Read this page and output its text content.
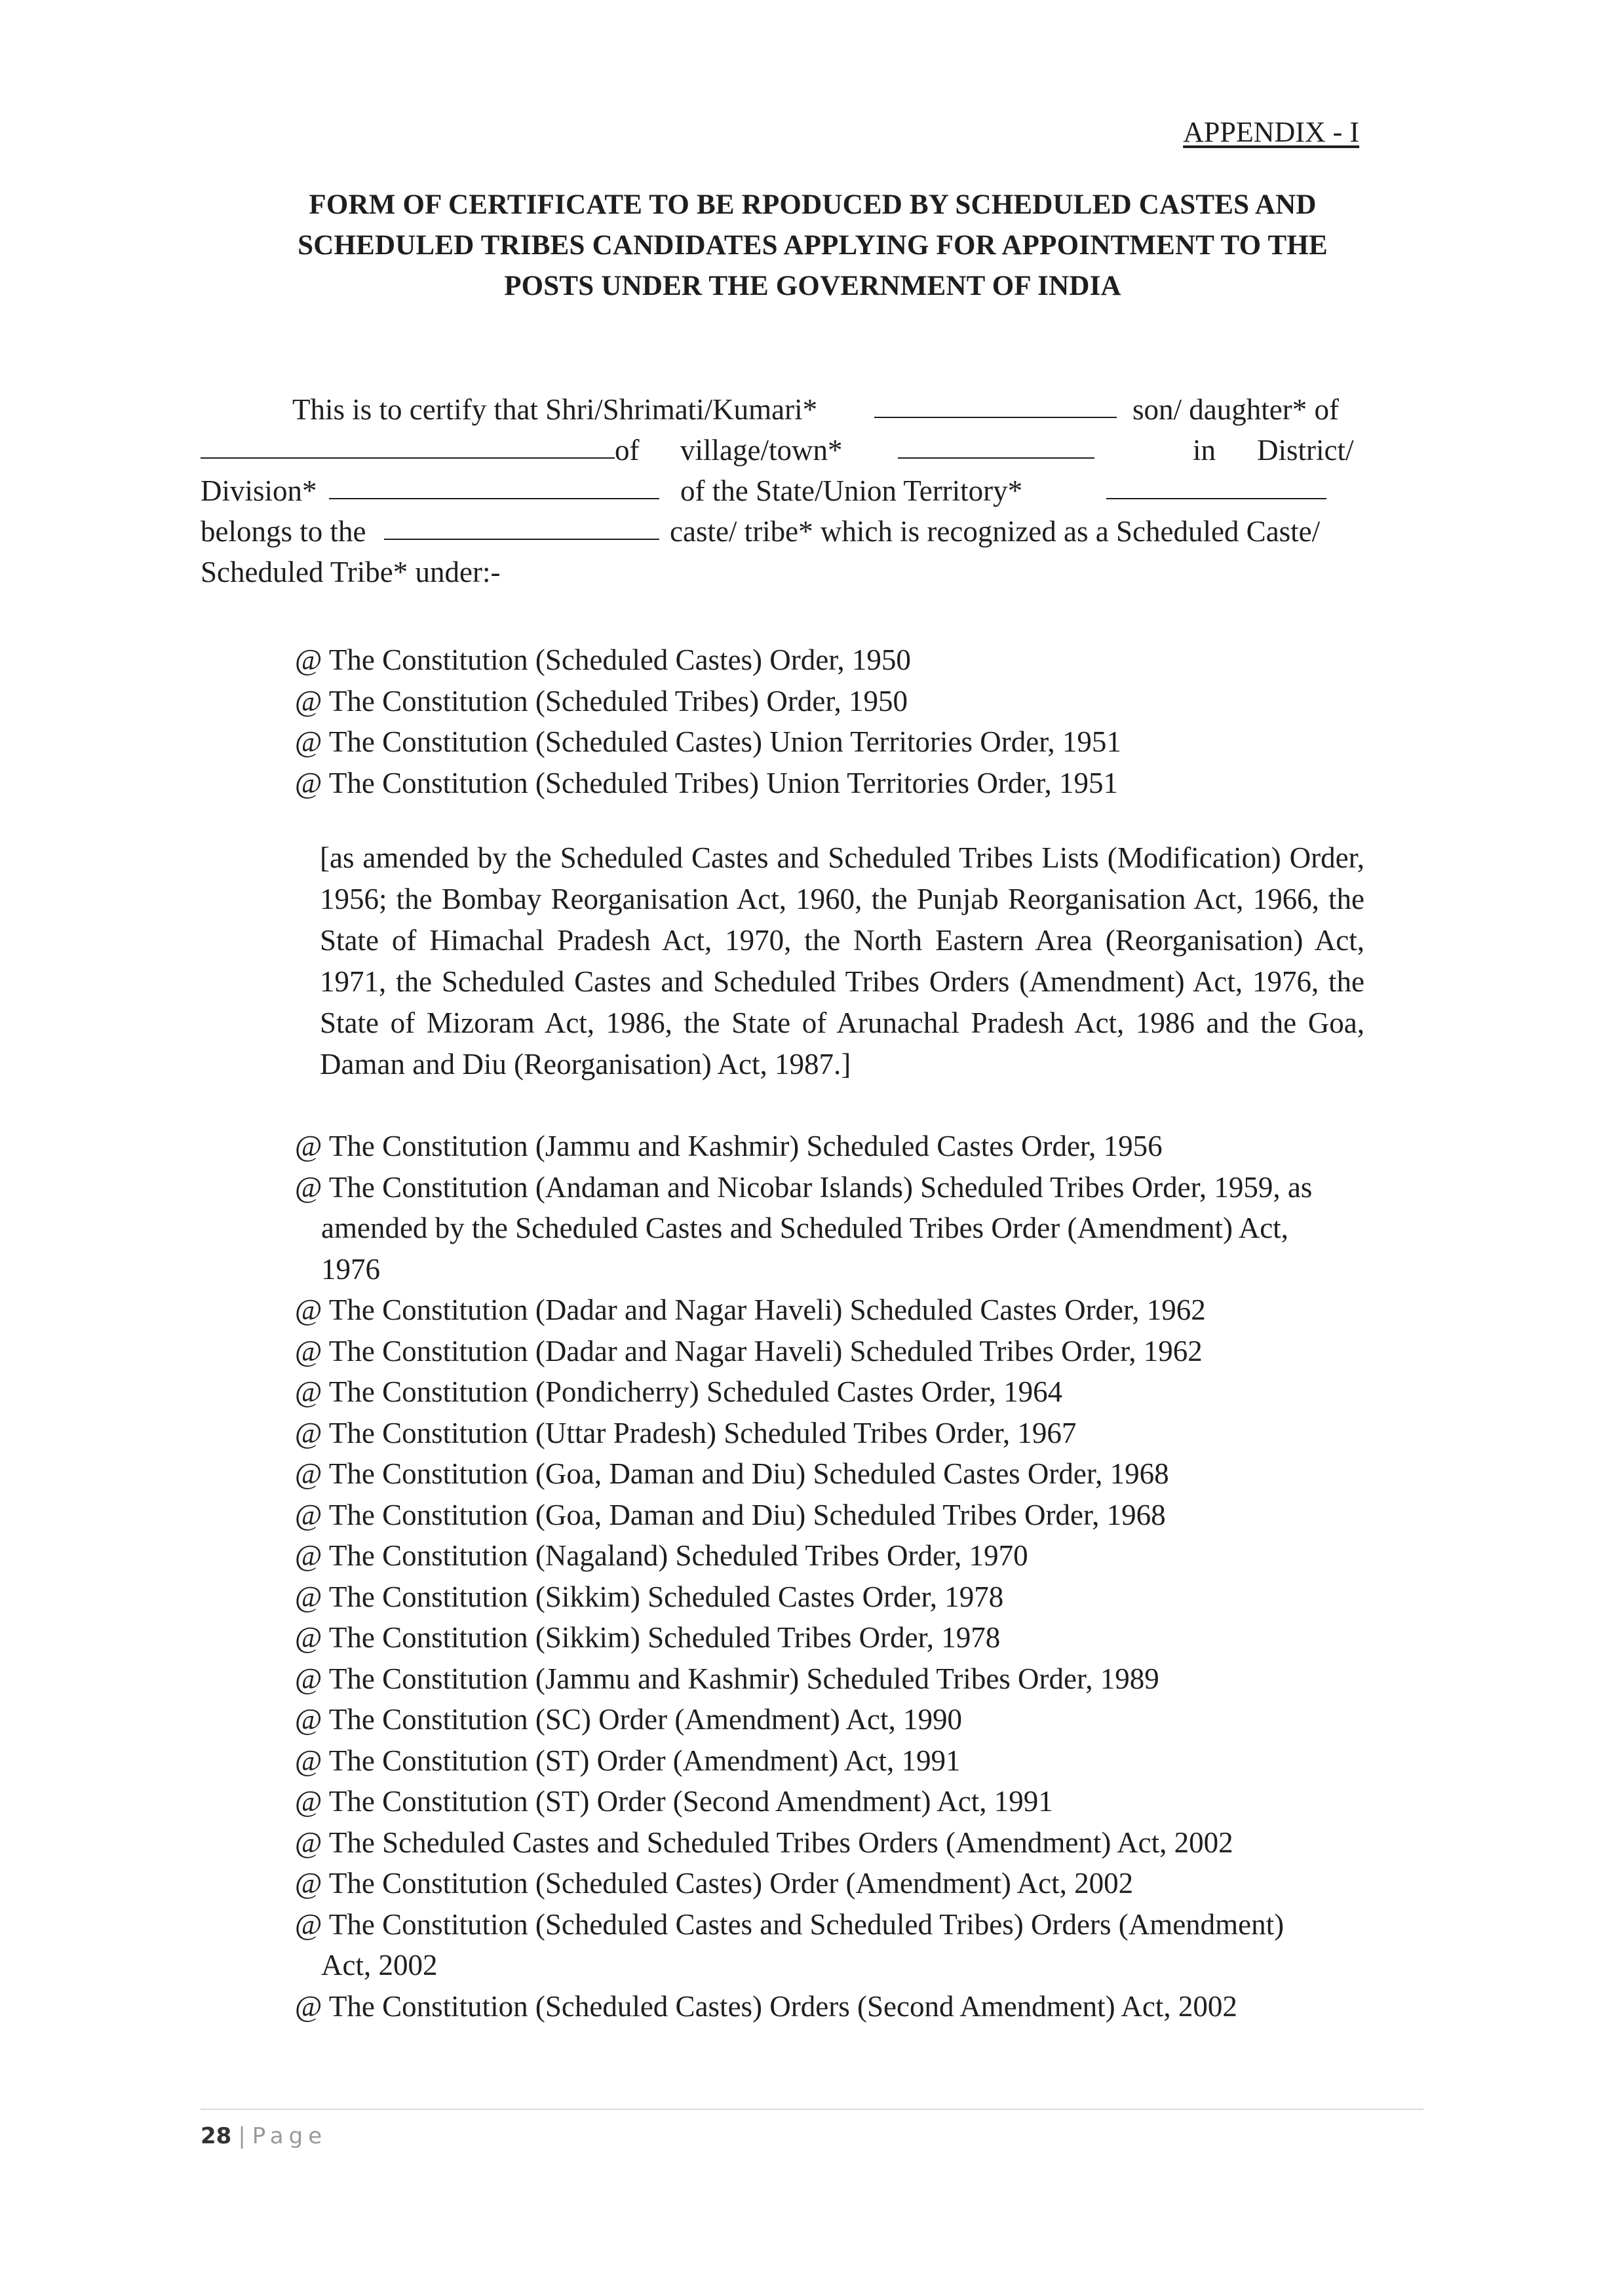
APPENDIX - I
FORM OF CERTIFICATE TO BE RPODUCED BY SCHEDULED CASTES AND
SCHEDULED TRIBES CANDIDATES APPLYING FOR APPOINTMENT TO THE
POSTS UNDER THE GOVERNMENT OF INDIA
This is to certify that Shri/Shrimati/Kumari*	son/ daughter* of
of village/town*	in District/
Division*	of the State/Union Territory*
belongs to the	caste/ tribe* which is recognized as a Scheduled Caste/
Scheduled Tribe* under:-
@ The Constitution (Scheduled Castes) Order, 1950
@ The Constitution (Scheduled Tribes) Order, 1950
@ The Constitution (Scheduled Castes) Union Territories Order, 1951
@ The Constitution (Scheduled Tribes) Union Territories Order, 1951

[as amended by the Scheduled Castes and Scheduled Tribes Lists (Modification) Order, 1956; the Bombay Reorganisation Act, 1960, the Punjab Reorganisation Act, 1966, the State of Himachal Pradesh Act, 1970, the North Eastern Area (Reorganisation) Act, 1971, the Scheduled Castes and Scheduled Tribes Orders (Amendment) Act, 1976, the State of Mizoram Act, 1986, the State of Arunachal Pradesh Act, 1986 and the Goa, Daman and Diu (Reorganisation) Act, 1987.]

@ The Constitution (Jammu and Kashmir) Scheduled Castes Order, 1956
@ The Constitution (Andaman and Nicobar Islands) Scheduled Tribes Order, 1959, as
amended by the Scheduled Castes and Scheduled Tribes Order (Amendment) Act,
1976
@ The Constitution (Dadar and Nagar Haveli) Scheduled Castes Order, 1962
@ The Constitution (Dadar and Nagar Haveli) Scheduled Tribes Order, 1962
@ The Constitution (Pondicherry) Scheduled Castes Order, 1964
@ The Constitution (Uttar Pradesh) Scheduled Tribes Order, 1967
@ The Constitution (Goa, Daman and Diu) Scheduled Castes Order, 1968
@ The Constitution (Goa, Daman and Diu) Scheduled Tribes Order, 1968
@ The Constitution (Nagaland) Scheduled Tribes Order, 1970
@ The Constitution (Sikkim) Scheduled Castes Order, 1978
@ The Constitution (Sikkim) Scheduled Tribes Order, 1978
@ The Constitution (Jammu and Kashmir) Scheduled Tribes Order, 1989
@ The Constitution (SC) Order (Amendment) Act, 1990
@ The Constitution (ST) Order (Amendment) Act, 1991
@ The Constitution (ST) Order (Second Amendment) Act, 1991
@ The Scheduled Castes and Scheduled Tribes Orders (Amendment) Act, 2002
@ The Constitution (Scheduled Castes) Order (Amendment) Act, 2002
@ The Constitution (Scheduled Castes and Scheduled Tribes) Orders (Amendment)
Act, 2002
@ The Constitution (Scheduled Castes) Orders (Second Amendment) Act, 2002
28 | Page
